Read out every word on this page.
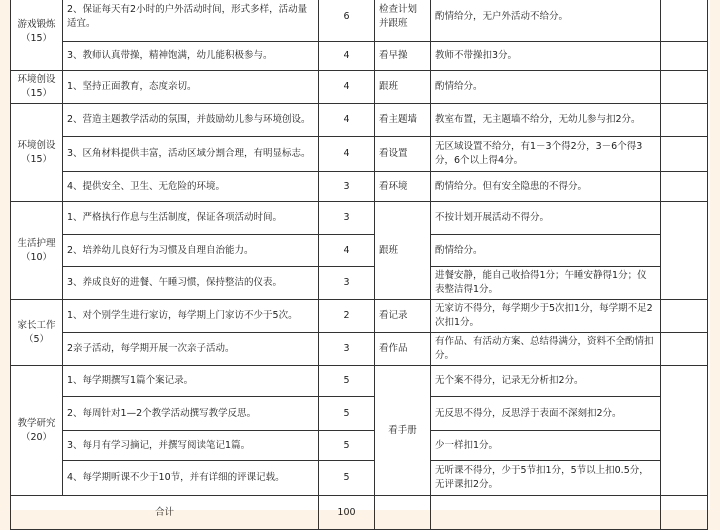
游戏锻炼
（15）	2、保证每天有2小时的户外活动时间，形式多样，活动量适宜。	6	检查计划并跟班	酌情给分，无户外活动不给分。	
	3、教师认真带操，精神饱满，幼儿能积极参与。	4	看早操	教师不带操扣3分。	
环境创设
（15）	1、坚持正面教育，态度亲切。	4	跟班	酌情给分。	
环境创设
（15）	2、营造主题教学活动的氛围，并鼓励幼儿参与环境创设。	4	看主题墙	教室布置，无主题墙不给分，无幼儿参与扣2分。	
	3、区角材料提供丰富，活动区域分割合理，有明显标志。	4	看设置	无区域设置不给分，有1－3个得2分，3－6个得3分，6个以上得4分。	
	4、提供安全、卫生、无危险的环境。	3	看环境	酌情给分。但有安全隐患的不得分。	
生活护理
（10）	1、严格执行作息与生活制度，保证各项活动时间。	3	跟班	不按计划开展活动不得分。	
	2、培养幼儿良好行为习惯及自理自治能力。	4		酌情给分。	
	3、养成良好的进餐、午睡习惯，保持整洁的仪表。	3		进餐安静，能自己收拾得1分；午睡安静得1分；仪表整洁得1分。	
家长工作
（5）	1、对个别学生进行家访，每学期上门家访不少于5次。	2	看记录	无家访不得分，每学期少于5次扣1分，每学期不足2次扣1分。	
	2亲子活动，每学期开展一次亲子活动。	3	看作品	有作品、有活动方案、总结得满分，资料不全酌情扣分。	
教学研究
（20）	1、每学期撰写1篇个案记录。	5	看手册	无个案不得分，记录无分析扣2分。	
	2、每周针对1—2个教学活动撰写教学反思。	5		无反思不得分，反思浮于表面不深刻扣2分。	
	3、每月有学习摘记，并撰写阅读笔记1篇。	5		少一样扣1分。	
	4、每学期听课不少于10节，并有详细的评课记载。	5		无听课不得分，少于5节扣1分，5节以上扣0.5分，无评课扣2分。	
合计		100			
